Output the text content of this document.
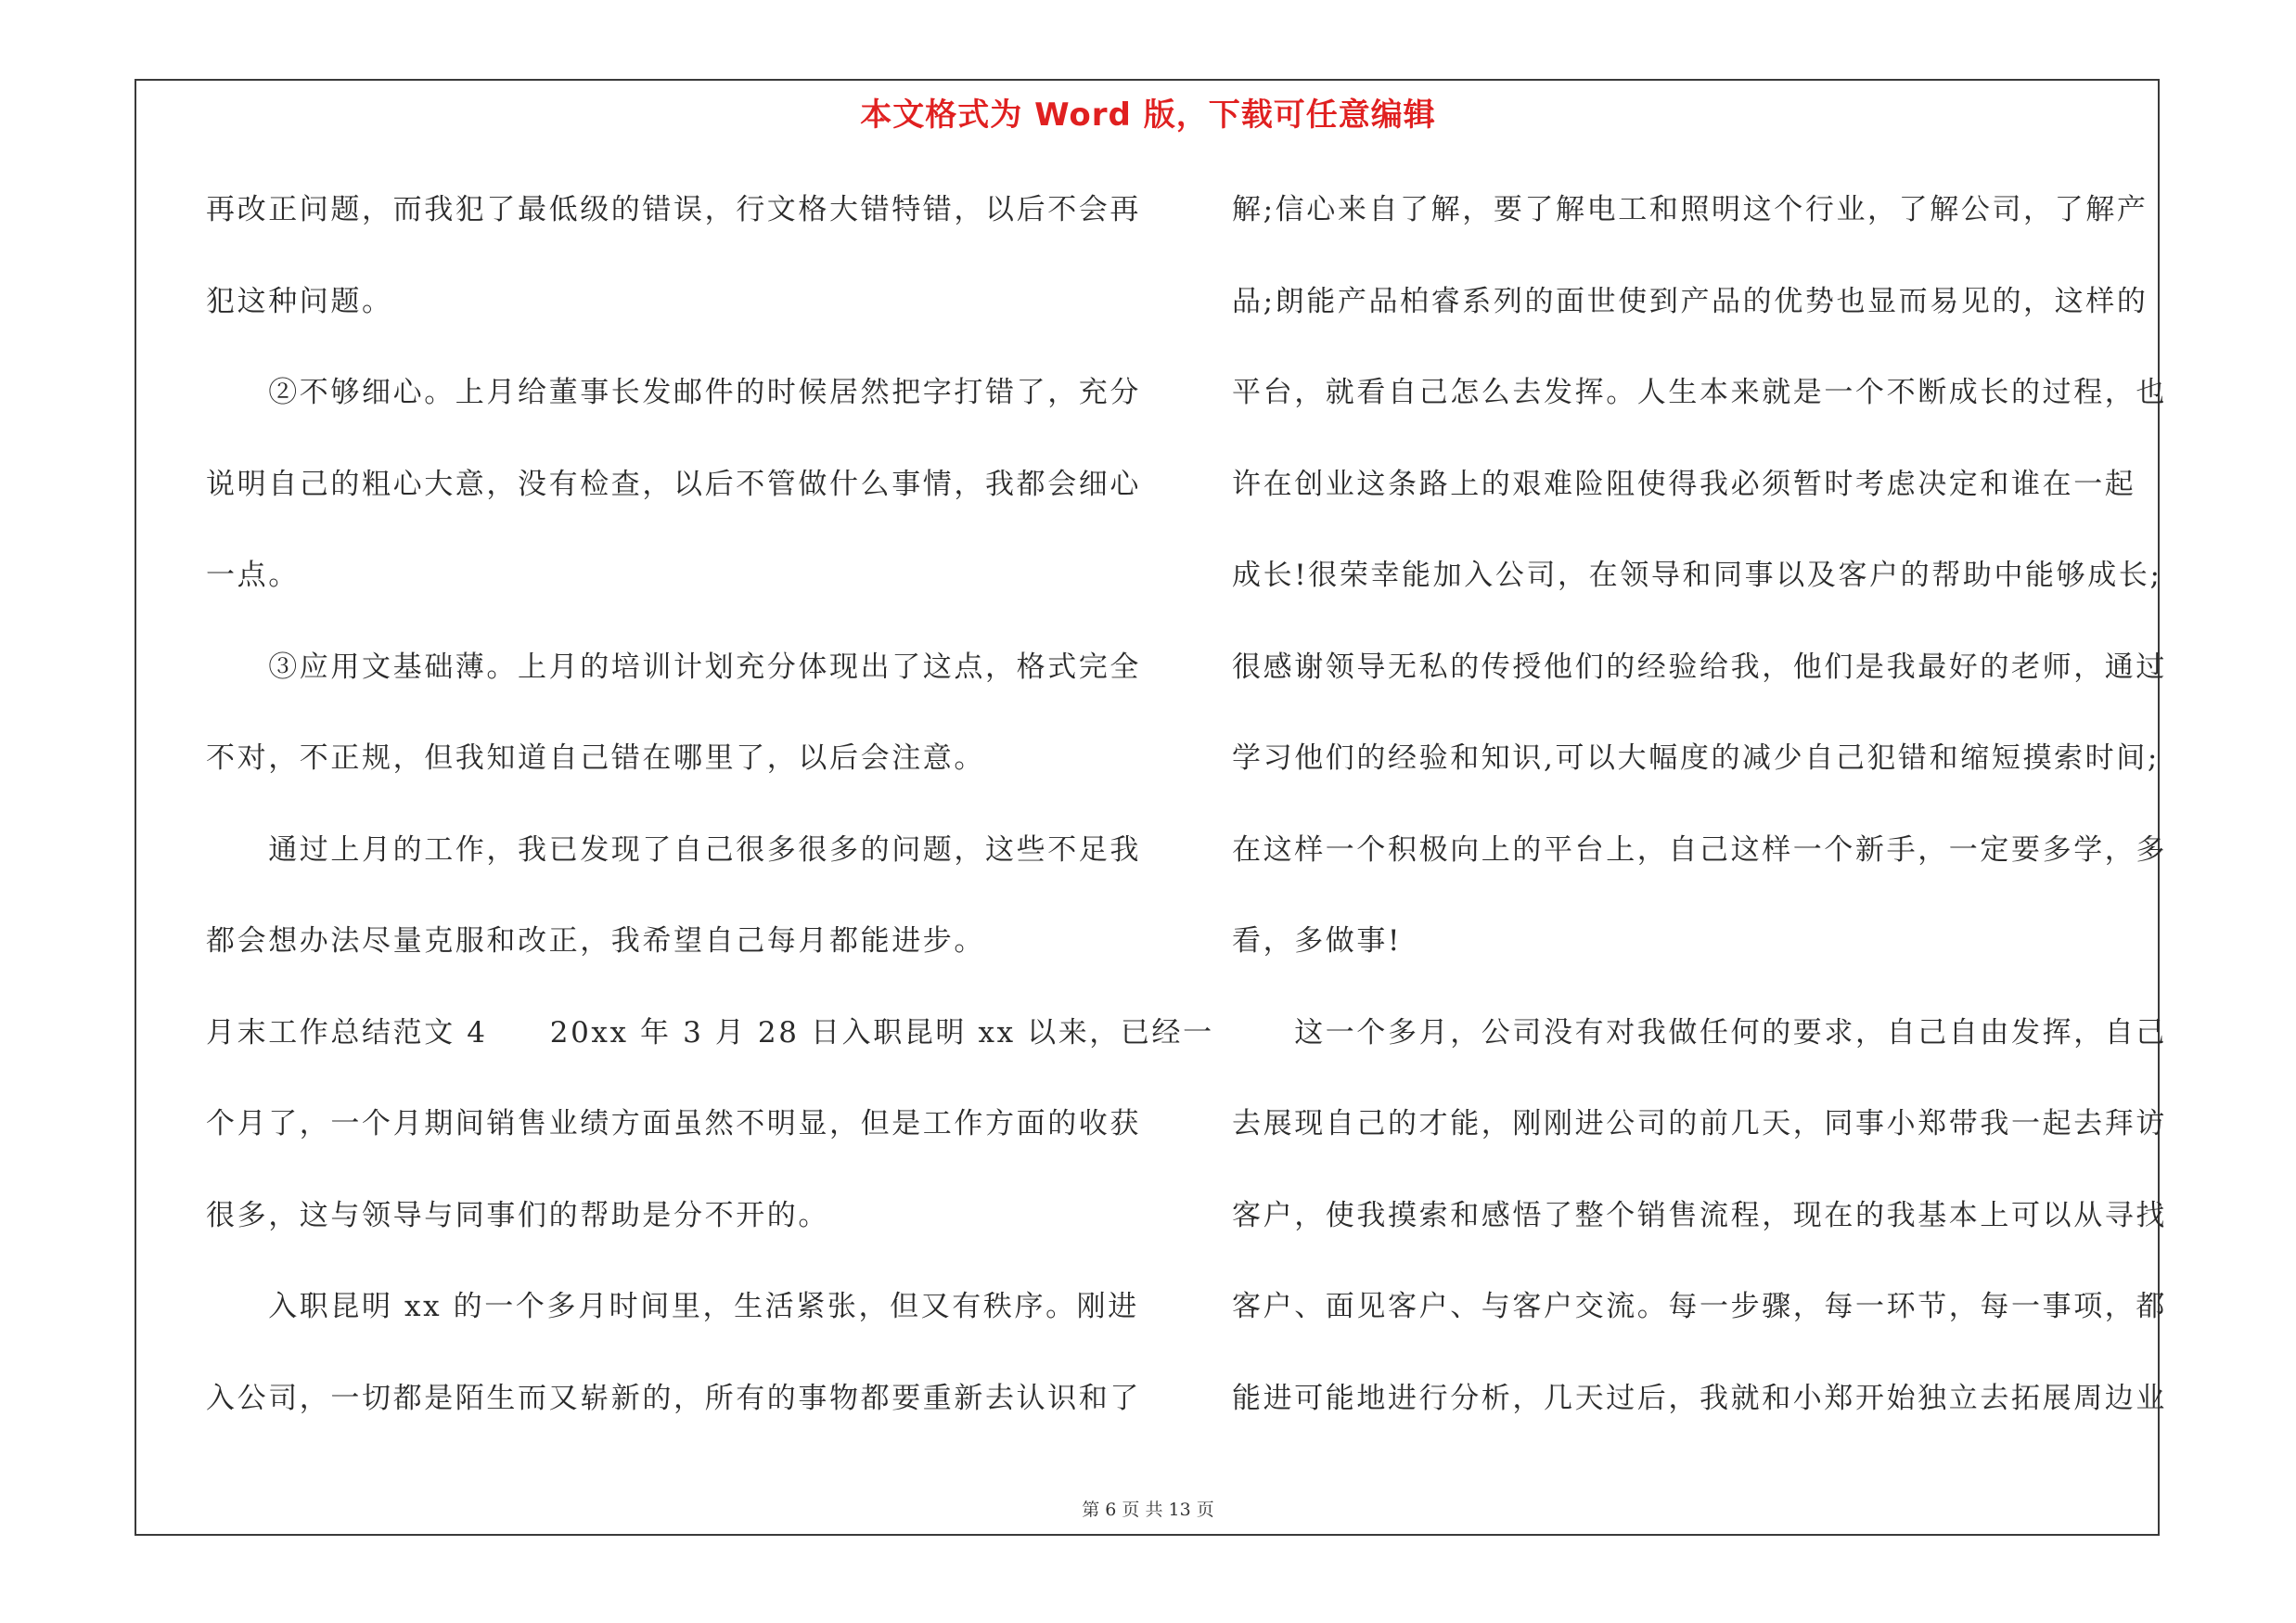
本文格式为 Word 版，下载可任意编辑
再改正问题，而我犯了最低级的错误，行文格大错特错，以后不会再
犯这种问题。
　　②不够细心。上月给董事长发邮件的时候居然把字打错了，充分
说明自己的粗心大意，没有检查，以后不管做什么事情，我都会细心
一点。
　　③应用文基础薄。上月的培训计划充分体现出了这点，格式完全
不对，不正规，但我知道自己错在哪里了，以后会注意。
　　通过上月的工作，我已发现了自己很多很多的问题，这些不足我
都会想办法尽量克服和改正，我希望自己每月都能进步。
月末工作总结范文 4　　20xx 年 3 月 28 日入职昆明 xx 以来，已经一
个月了，一个月期间销售业绩方面虽然不明显，但是工作方面的收获
很多，这与领导与同事们的帮助是分不开的。
　　入职昆明 xx 的一个多月时间里，生活紧张，但又有秩序。刚进
入公司，一切都是陌生而又崭新的，所有的事物都要重新去认识和了
解;信心来自了解，要了解电工和照明这个行业，了解公司，了解产
品;朗能产品柏睿系列的面世使到产品的优势也显而易见的，这样的
平台，就看自己怎么去发挥。人生本来就是一个不断成长的过程，也
许在创业这条路上的艰难险阻使得我必须暂时考虑决定和谁在一起
成长!很荣幸能加入公司，在领导和同事以及客户的帮助中能够成长;
很感谢领导无私的传授他们的经验给我，他们是我最好的老师，通过
学习他们的经验和知识,可以大幅度的减少自己犯错和缩短摸索时间;
在这样一个积极向上的平台上，自己这样一个新手，一定要多学，多
看，多做事!
　　这一个多月，公司没有对我做任何的要求，自己自由发挥，自己
去展现自己的才能，刚刚进公司的前几天，同事小郑带我一起去拜访
客户，使我摸索和感悟了整个销售流程，现在的我基本上可以从寻找
客户、面见客户、与客户交流。每一步骤，每一环节，每一事项，都
能进可能地进行分析，几天过后，我就和小郑开始独立去拓展周边业
第 6 页 共 13 页
